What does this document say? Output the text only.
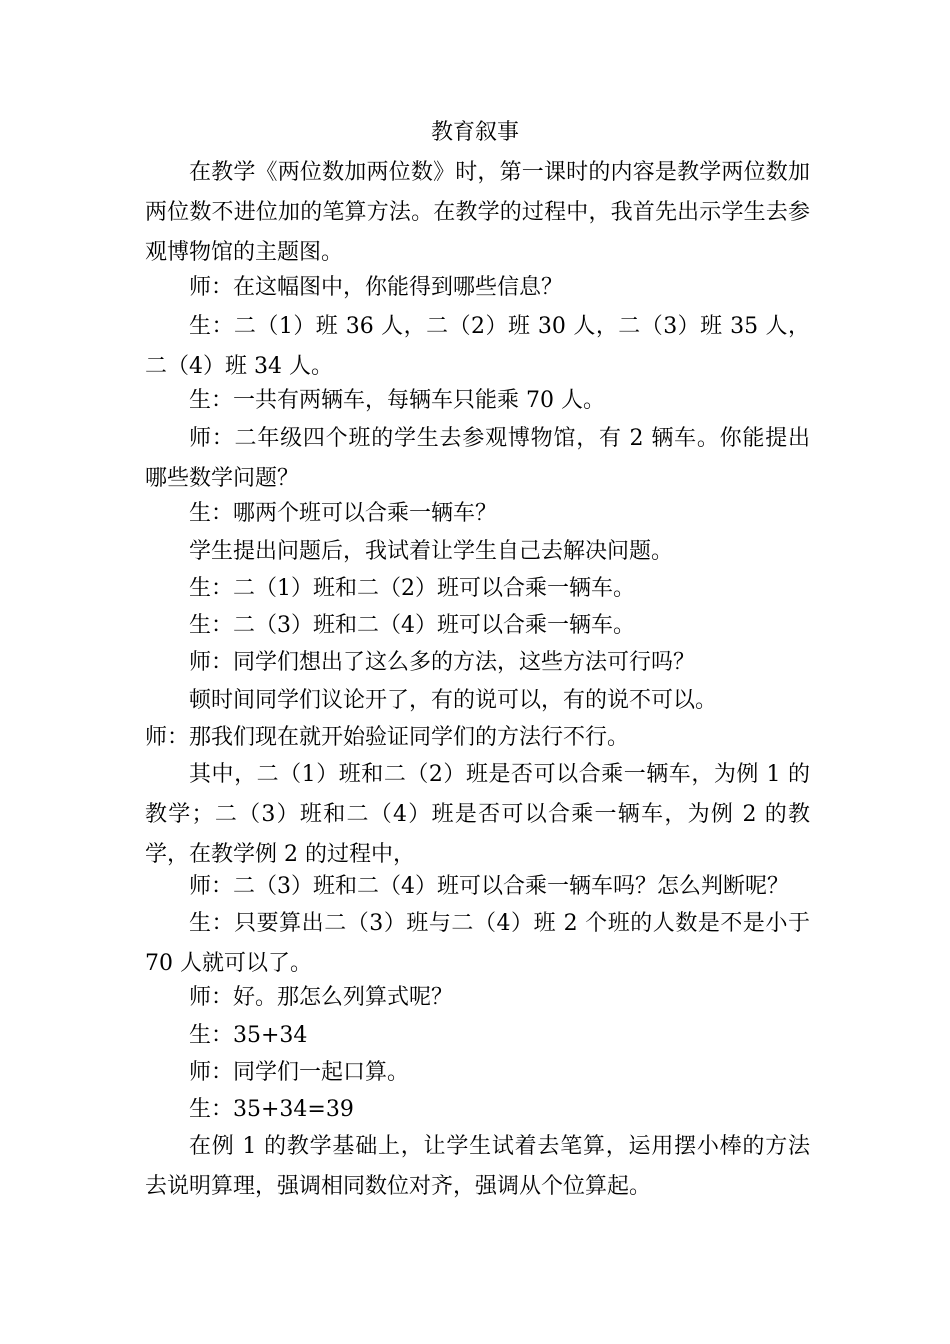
教育叙事

在教学《两位数加两位数》时，第一课时的内容是教学两位数加两位数不进位加的笔算方法。在教学的过程中，我首先出示学生去参观博物馆的主题图。

师：在这幅图中，你能得到哪些信息？

生：二（1）班 36 人，二（2）班 30 人，二（3）班 35 人，二（4）班 34 人。

生：一共有两辆车，每辆车只能乘 70 人。

师：二年级四个班的学生去参观博物馆，有 2 辆车。你能提出哪些数学问题？

生：哪两个班可以合乘一辆车？

学生提出问题后，我试着让学生自己去解决问题。

生：二（1）班和二（2）班可以合乘一辆车。

生：二（3）班和二（4）班可以合乘一辆车。

师：同学们想出了这么多的方法，这些方法可行吗？

顿时间同学们议论开了，有的说可以，有的说不可以。

师：那我们现在就开始验证同学们的方法行不行。

其中，二（1）班和二（2）班是否可以合乘一辆车，为例 1 的教学；二（3）班和二（4）班是否可以合乘一辆车，为例 2 的教学，在教学例 2 的过程中，

师：二（3）班和二（4）班可以合乘一辆车吗？怎么判断呢？

生：只要算出二（3）班与二（4）班 2 个班的人数是不是小于 70 人就可以了。

师：好。那怎么列算式呢？

生：35+34

师：同学们一起口算。

生：35+34=39

在例 1 的教学基础上，让学生试着去笔算，运用摆小棒的方法去说明算理，强调相同数位对齐，强调从个位算起。
